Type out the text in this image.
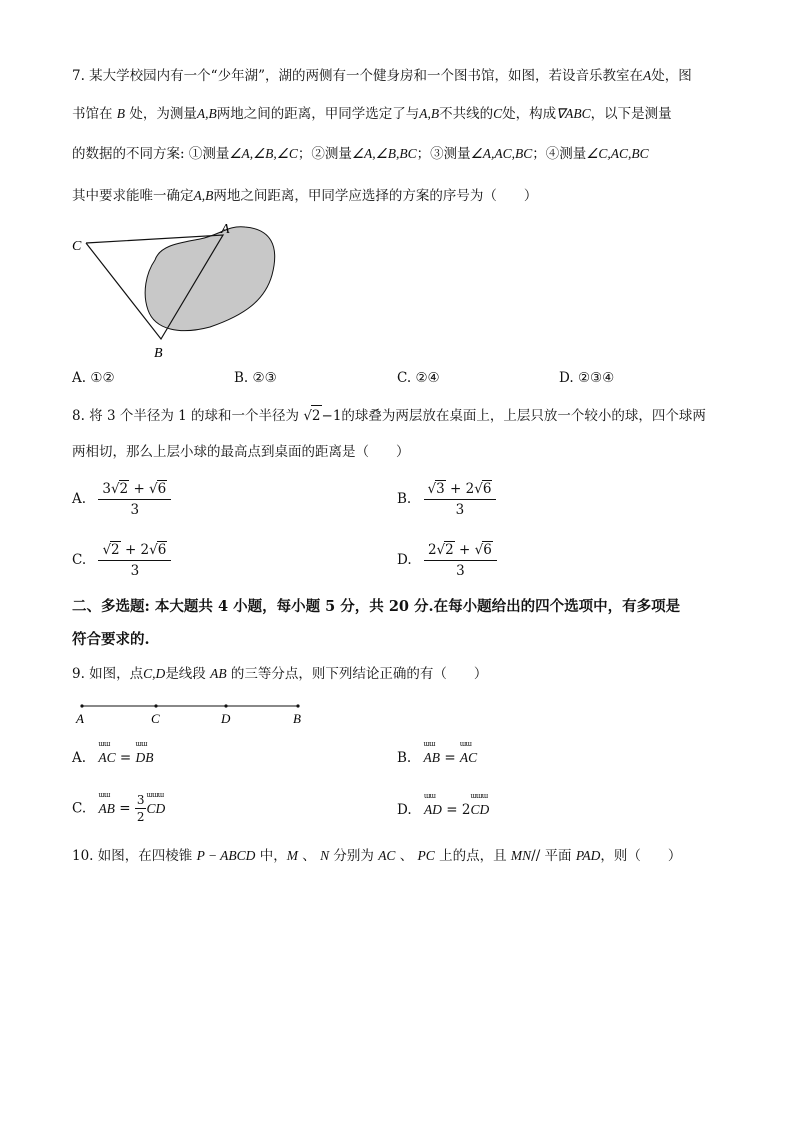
7. 某大学校园内有一个“少年湖”，湖的两侧有一个健身房和一个图书馆，如图，若设音乐教室在A处，图
书馆在 B 处，为测量A,B两地之间的距离，甲同学选定了与A,B不共线的C处，构成∇ABC，以下是测量
的数据的不同方案: ①测量∠A,∠B,∠C；②测量∠A,∠B,BC；③测量∠A,AC,BC；④测量∠C,AC,BC
其中要求能唯一确定A,B两地之间距离，甲同学应选择的方案的序号为（　　）
C
A
B
A. ①②	B. ②③	C. ②④	D. ②③④
8. 将 3 个半径为 1 的球和一个半径为 √2−1的球叠为两层放在桌面上，上层只放一个较小的球，四个球两
两相切，那么上层小球的最高点到桌面的距离是（　　）
A. $\frac{3√2 + √6}{3}$	B. $\frac{√3 + 2√6}{3}$
C. $\frac{√2 + 2√6}{3}$	D. $\frac{2√2 + √6}{3}$
二、多选题: 本大题共 4 小题，每小题 5 分，共 20 分.在每小题给出的四个选项中，有多项是
符合要求的.
9. 如图，点C,D是线段 AB 的三等分点，则下列结论正确的有（　　）
A	C	D	B
A.
ɯɯ
AC =
ɯɯ
DB	B.
ɯɯ
AB =
ɯɯ
AC
C.
ɯɯ
AB = $\frac{3}{2}$ ɯɯɯ
CD	D.
ɯɯ
AD = 2
ɯɯɯ
CD
10. 如图，在四棱锥 P − ABCD 中，M 、 N 分别为 AC 、 PC 上的点，且 MN// 平面 PAD，则（　　）
